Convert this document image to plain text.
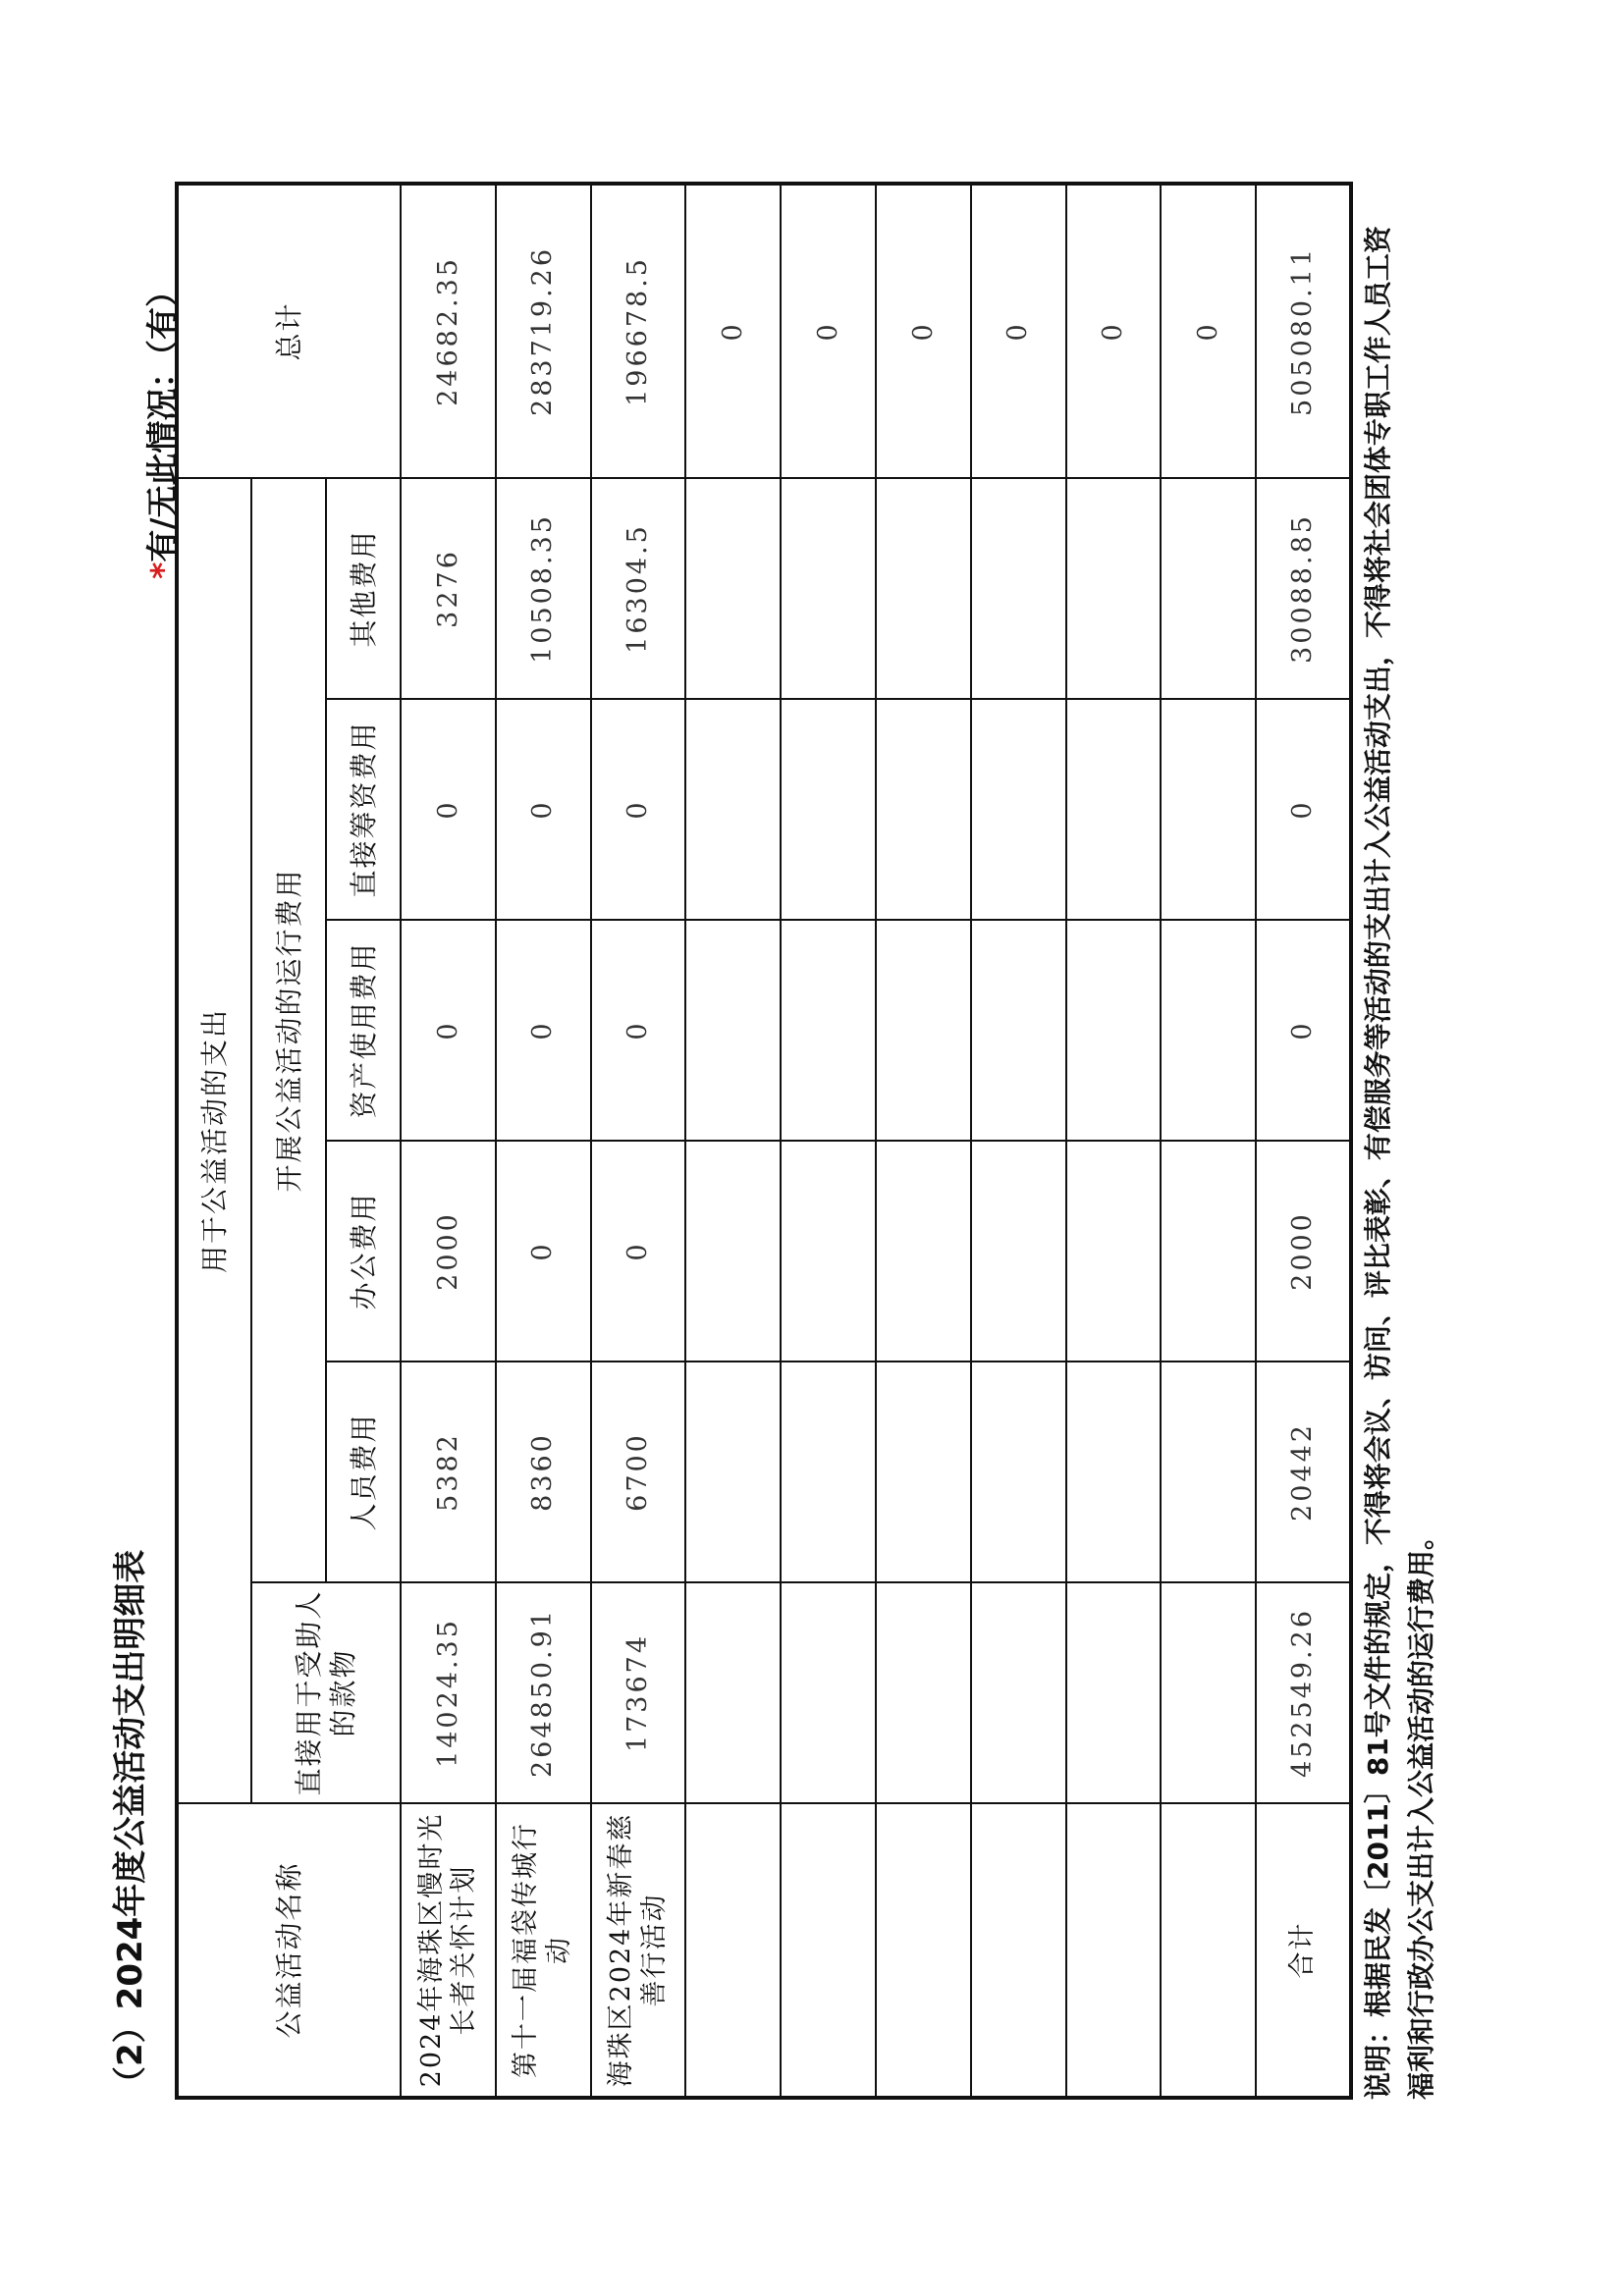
（2）2024年度公益活动支出明细表
*有/无此情况：（有）
公益活动名称	用于公益活动的支出						总计
	直接用于受助人的款物	开展公益活动的运行费用					
		人员费用	办公费用	资产使用费用	直接筹资费用	其他费用	
2024年海珠区慢时光长者关怀计划	14024.35	5382	2000	0	0	3276	24682.35
第十一届福袋传城行动	264850.91	8360	0	0	0	10508.35	283719.26
海珠区2024年新春慈善行活动	173674	6700	0	0	0	16304.5	196678.5
							0
							0
							0
							0
							0
							0
合计	452549.26	20442	2000	0	0	30088.85	505080.11 说明：根据民发〔2011〕81号文件的规定，不得将会议、访问、评比表彰、有偿服务等活动的支出计入公益活动支出，不得将社会团体专职工作人员工资福利和行政办公支出计入公益活动的运行费用。
